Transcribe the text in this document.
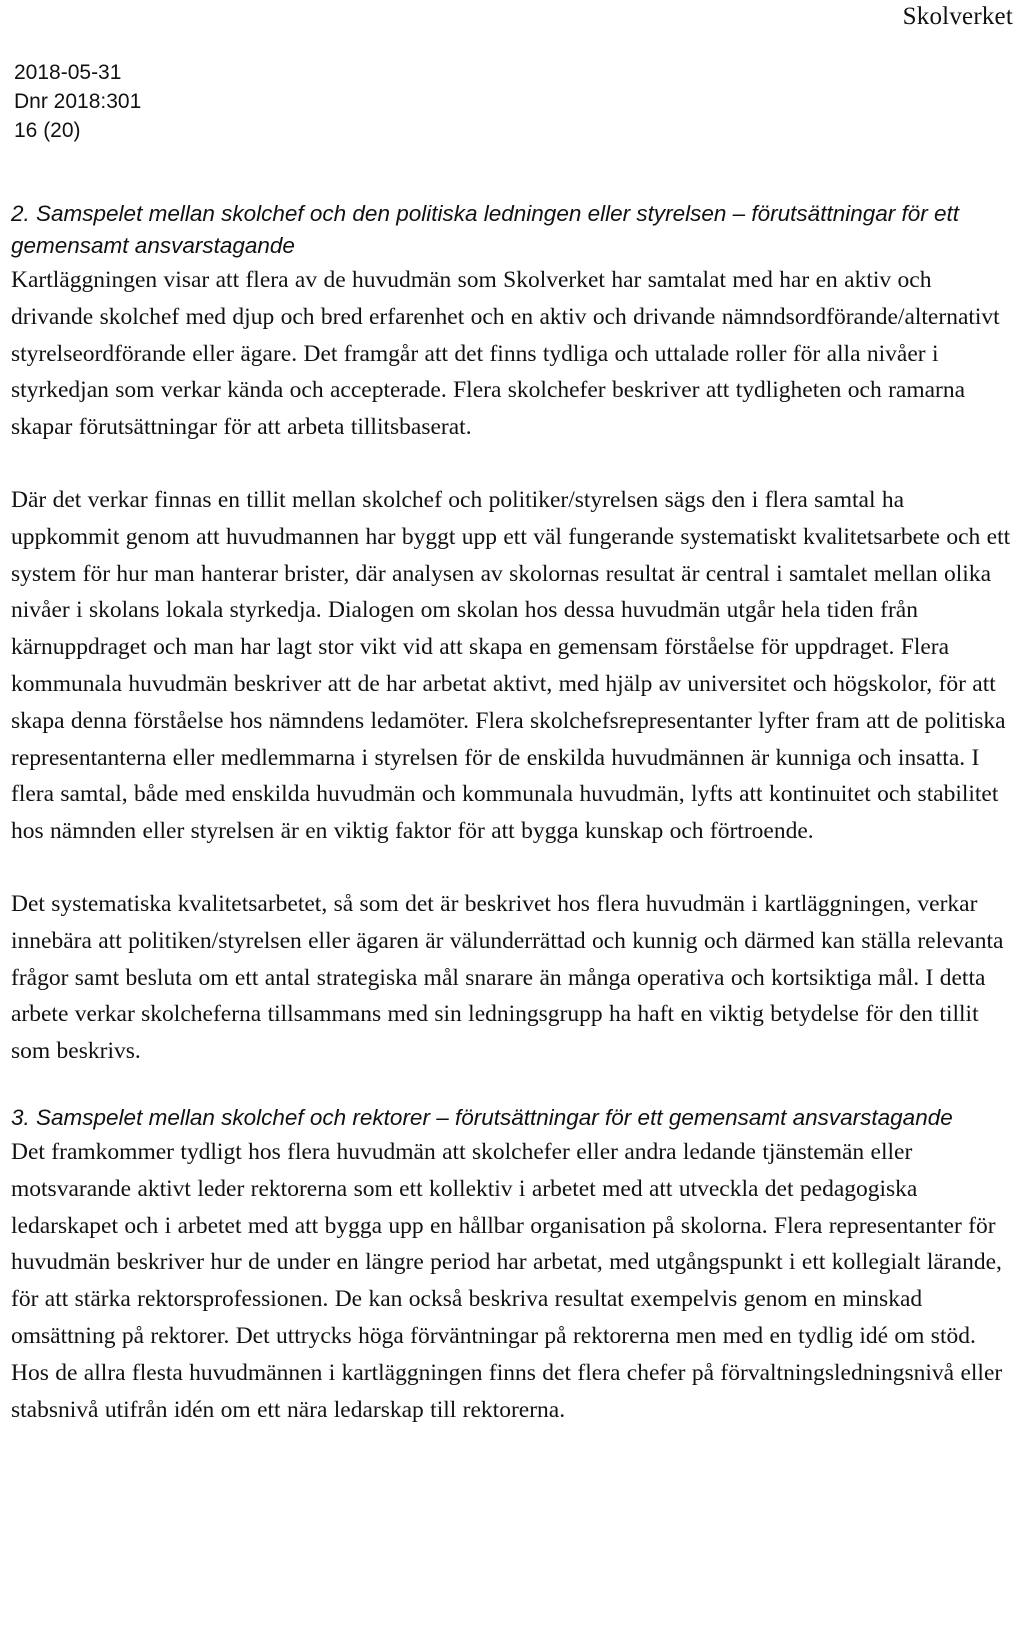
Skolverket

2018-05-31
Dnr 2018:301
16 (20)
2. Samspelet mellan skolchef och den politiska ledningen eller styrelsen – förutsättningar för ett gemensamt ansvarstagande

Kartläggningen visar att flera av de huvudmän som Skolverket har samtalat med har en aktiv och drivande skolchef med djup och bred erfarenhet och en aktiv och drivande nämndsordförande/alternativt styrelseordförande eller ägare. Det framgår att det finns tydliga och uttalade roller för alla nivåer i styrkedjan som verkar kända och accepterade. Flera skolchefer beskriver att tydligheten och ramarna skapar förutsättningar för att arbeta tillitsbaserat.

Där det verkar finnas en tillit mellan skolchef och politiker/styrelsen sägs den i flera samtal ha uppkommit genom att huvudmannen har byggt upp ett väl fungerande systematiskt kvalitetsarbete och ett system för hur man hanterar brister, där analysen av skolornas resultat är central i samtalet mellan olika nivåer i skolans lokala styrkedja. Dialogen om skolan hos dessa huvudmän utgår hela tiden från kärnuppdraget och man har lagt stor vikt vid att skapa en gemensam förståelse för uppdraget. Flera kommunala huvudmän beskriver att de har arbetat aktivt, med hjälp av universitet och högskolor, för att skapa denna förståelse hos nämndens ledamöter. Flera skolchefsrepresentanter lyfter fram att de politiska representanterna eller medlemmarna i styrelsen för de enskilda huvudmännen är kunniga och insatta. I flera samtal, både med enskilda huvudmän och kommunala huvudmän, lyfts att kontinuitet och stabilitet hos nämnden eller styrelsen är en viktig faktor för att bygga kunskap och förtroende.

Det systematiska kvalitetsarbetet, så som det är beskrivet hos flera huvudmän i kartläggningen, verkar innebära att politiken/styrelsen eller ägaren är välunderrättad och kunnig och därmed kan ställa relevanta frågor samt besluta om ett antal strategiska mål snarare än många operativa och kortsiktiga mål. I detta arbete verkar skolcheferna tillsammans med sin ledningsgrupp ha haft en viktig betydelse för den tillit som beskrivs.

3. Samspelet mellan skolchef och rektorer – förutsättningar för ett gemensamt ansvarstagande

Det framkommer tydligt hos flera huvudmän att skolchefer eller andra ledande tjänstemän eller motsvarande aktivt leder rektorerna som ett kollektiv i arbetet med att utveckla det pedagogiska ledarskapet och i arbetet med att bygga upp en hållbar organisation på skolorna. Flera representanter för huvudmän beskriver hur de under en längre period har arbetat, med utgångspunkt i ett kollegialt lärande, för att stärka rektorsprofessionen. De kan också beskriva resultat exempelvis genom en minskad omsättning på rektorer. Det uttrycks höga förväntningar på rektorerna men med en tydlig idé om stöd. Hos de allra flesta huvudmännen i kartläggningen finns det flera chefer på förvaltningsledningsnivå eller stabsnivå utifrån idén om ett nära ledarskap till rektorerna.
